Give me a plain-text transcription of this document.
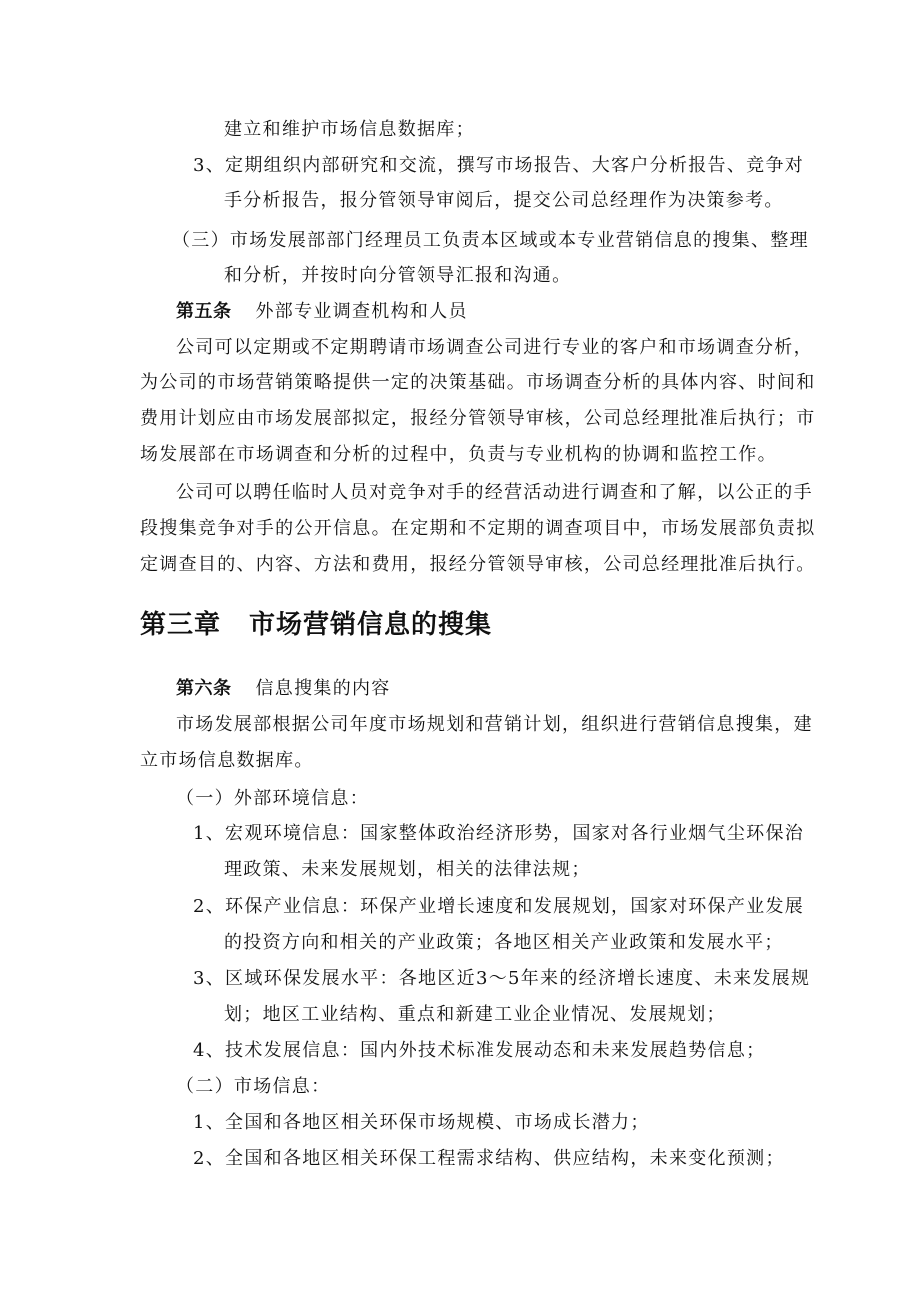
建立和维护市场信息数据库；
3、定期组织内部研究和交流，撰写市场报告、大客户分析报告、竞争对
手分析报告，报分管领导审阅后，提交公司总经理作为决策参考。
（三）市场发展部部门经理员工负责本区域或本专业营销信息的搜集、整理
和分析，并按时向分管领导汇报和沟通。
第五条 外部专业调查机构和人员
公司可以定期或不定期聘请市场调查公司进行专业的客户和市场调查分析，
为公司的市场营销策略提供一定的决策基础。市场调查分析的具体内容、时间和
费用计划应由市场发展部拟定，报经分管领导审核，公司总经理批准后执行；市
场发展部在市场调查和分析的过程中，负责与专业机构的协调和监控工作。
公司可以聘任临时人员对竞争对手的经营活动进行调查和了解，以公正的手
段搜集竞争对手的公开信息。在定期和不定期的调查项目中，市场发展部负责拟
定调查目的、内容、方法和费用，报经分管领导审核，公司总经理批准后执行。
第三章 市场营销信息的搜集
第六条 信息搜集的内容
市场发展部根据公司年度市场规划和营销计划，组织进行营销信息搜集，建
立市场信息数据库。
（一）外部环境信息：
1、宏观环境信息：国家整体政治经济形势，国家对各行业烟气尘环保治
理政策、未来发展规划，相关的法律法规；
2、环保产业信息：环保产业增长速度和发展规划，国家对环保产业发展
的投资方向和相关的产业政策；各地区相关产业政策和发展水平；
3、区域环保发展水平：各地区近3～5年来的经济增长速度、未来发展规
划；地区工业结构、重点和新建工业企业情况、发展规划；
4、技术发展信息：国内外技术标准发展动态和未来发展趋势信息；
（二）市场信息：
1、全国和各地区相关环保市场规模、市场成长潜力；
2、全国和各地区相关环保工程需求结构、供应结构，未来变化预测；
